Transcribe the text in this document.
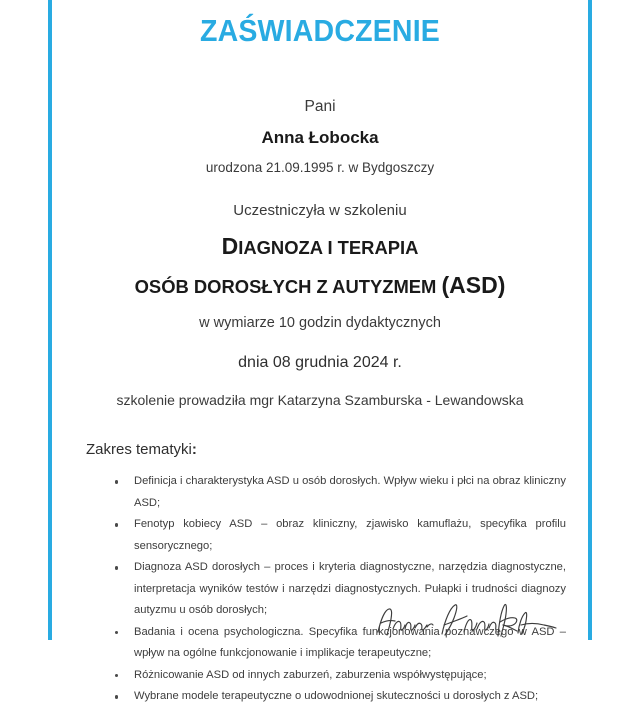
ZAŚWIADCZENIE
Pani
Anna Łobocka
urodzona 21.09.1995 r. w Bydgoszczy
Uczestniczyła w szkoleniu
DIAGNOZA I TERAPIA
OSÓB DOROSŁYCH Z AUTYZMEM (ASD)
w wymiarze 10 godzin dydaktycznych
dnia 08 grudnia 2024 r.
szkolenie prowadziła mgr Katarzyna Szamburska - Lewandowska
Zakres tematyki:
Definicja i charakterystyka ASD u osób dorosłych. Wpływ wieku i płci na obraz kliniczny ASD;
Fenotyp kobiecy ASD – obraz kliniczny, zjawisko kamuflażu, specyfika profilu sensorycznego;
Diagnoza ASD dorosłych – proces i kryteria diagnostyczne, narzędzia diagnostyczne, interpretacja wyników testów i narzędzi diagnostycznych. Pułapki i trudności diagnozy autyzmu u osób dorosłych;
Badania i ocena psychologiczna. Specyfika funkcjonowania poznawczego w ASD – wpływ na ogólne funkcjonowanie i implikacje terapeutyczne;
Różnicowanie ASD od innych zaburzeń, zaburzenia współwystępujące;
Wybrane modele terapeutyczne o udowodnionej skuteczności u dorosłych z ASD;
